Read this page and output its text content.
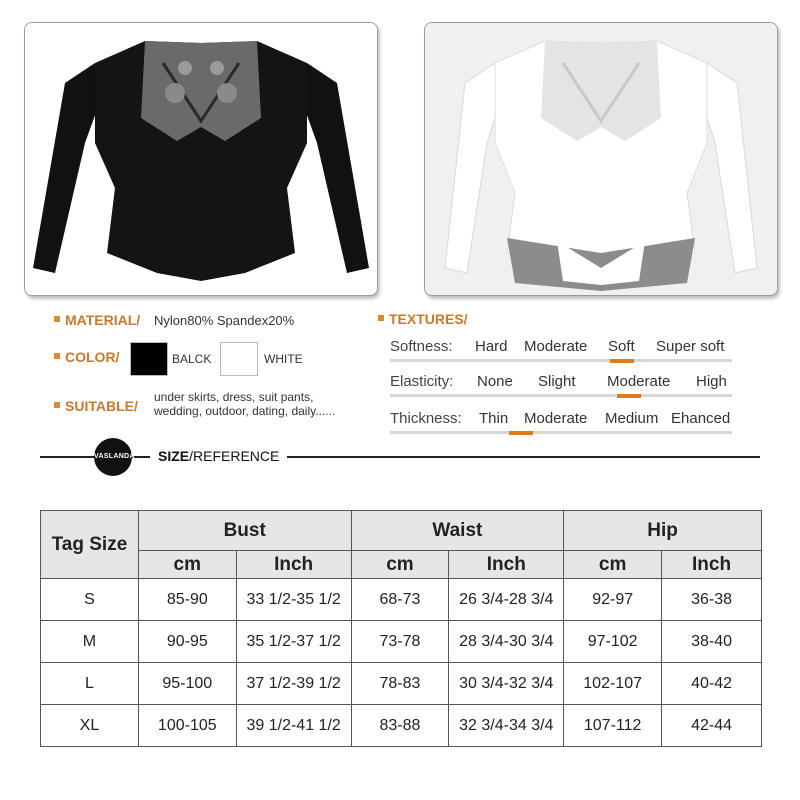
MATERIAL/ Nylon80% Spandex20%
COLOR/	BALCK	WHITE
SUITABLE/
under skirts, dress, suit pants,
wedding, outdoor, dating, daily......
TEXTURES/
Softness: Hard Moderate Soft Super soft
Elasticity: None Slight Moderate High
Thickness: Thin Moderate Medium Ehanced
VASLANDA	SIZE/REFERENCE
Tag Size	Bust		Waist		Hip	
	cm	Inch	cm	Inch	cm	Inch
S	85-90	33 1/2-35 1/2	68-73	26 3/4-28 3/4	92-97	36-38
M	90-95	35 1/2-37 1/2	73-78	28 3/4-30 3/4	97-102	38-40
L	95-100	37 1/2-39 1/2	78-83	30 3/4-32 3/4	102-107	40-42
XL	100-105	39 1/2-41 1/2	83-88	32 3/4-34 3/4	107-112	42-44
